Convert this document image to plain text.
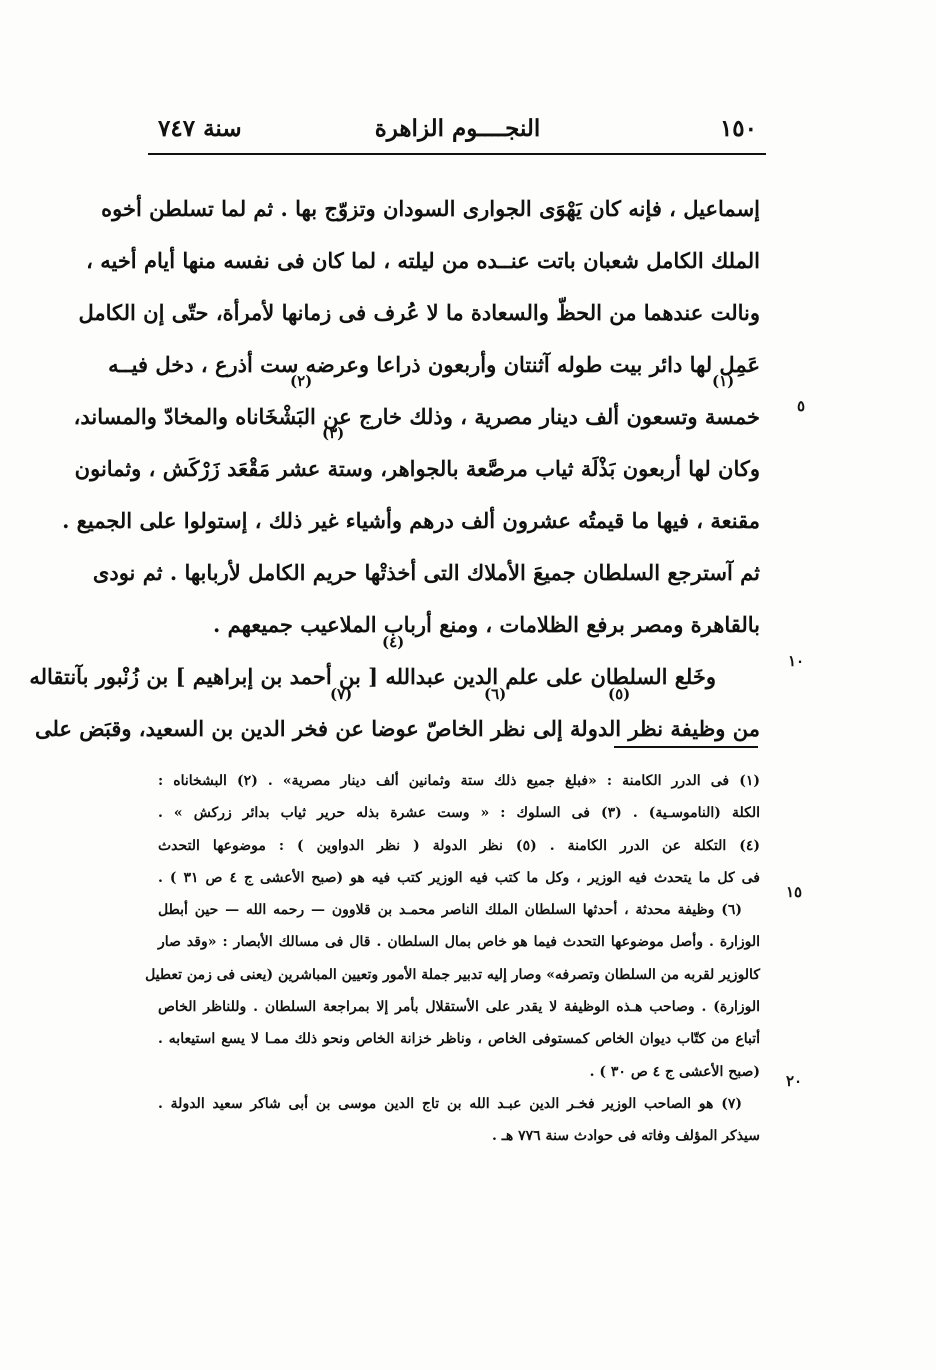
١٥٠
النجــــوم الزاهرة
سنة ٧٤٧
إسماعيل ، فإنه كان يَهْوَى الجوارى السودان وتزوّج بها . ثم لما تسلطن أخوه
الملك الكامل شعبان باتت عنــده من ليلته ، لما كان فى نفسه منها أيام أخيه ،
ونالت عندهما من الحظّ والسعادة ما لا عُرف فى زمانها لأمرأة، حتّى إن الكامل
عَمِل لها دائر بيت طوله آثنتان وأربعون ذراعا وعرضه ست أذرع ، دخل فيــه
خمسة وتسعون ألف دينار مصرية ، وذلك خارج عن البَشْخَاناه والمخادّ والمساند،
وكان لها أربعون بَذْلَة ثياب مرصَّعة بالجواهر، وستة عشر مَقْعَد زَرْكَش ، وثمانون
مقنعة ، فيها ما قيمتُه عشرون ألف درهم وأشياء غير ذلك ، إستولوا على الجميع .
ثم آسترجع السلطان جميعَ الأملاك التى أخذتْها حريم الكامل لأربابها . ثم نودى
بالقاهرة ومصر برفع الظلامات ، ومنع أرباب الملاعيب جميعهم .
وخَلع السلطان على علم الدين عبدالله [ بن أحمد بن إبراهيم ] بن زُنْبور بآنتقاله
من وظيفة نظر الدولة إلى نظر الخاصّ عوضا عن فخر الدين بن السعيد، وقبَض على
(١)
(٢)
(٣)
(٤)
(٥)
(٦)
(٧)
٥
١٠
١٥
٢٠
(١) فى الدرر الكامنة : «فبلغ جميع ذلك ستة وثمانين ألف دينار مصرية» . (٢) البشخاناه :
الكلة (الناموسـية) . (٣) فى السلوك : « وست عشرة بذله حرير ثياب بدائر زركش » .
(٤) التكلة عن الدرر الكامنة . (٥) نظر الدولة ( نظر الدواوين ) : موضوعها التحدث
فى كل ما يتحدث فيه الوزير ، وكل ما كتب فيه الوزير كتب فيه هو (صبح الأعشى ج ٤ ص ٣١ ) .
(٦) وظيفة محدثة ، أحدثها السلطان الملك الناصر محمـد بن قلاوون — رحمه الله — حين أبطل
الوزارة . وأصل موضوعها التحدث فيما هو خاص بمال السلطان . قال فى مسالك الأبصار : «وقد صار
كالوزير لقربه من السلطان وتصرفه» وصار إليه تدبير جملة الأمور وتعيين المباشرين (يعنى فى زمن تعطيل
الوزارة) . وصاحب هـذه الوظيفة لا يقدر على الأستقلال بأمر إلا بمراجعة السلطان . وللناظر الخاص
أتباع من كتّاب ديوان الخاص كمستوفى الخاص ، وناظر خزانة الخاص ونحو ذلك ممـا لا يسع استيعابه .
(صبح الأعشى ج ٤ ص ٣٠ ) .
(٧) هو الصاحب الوزير فخـر الدين عبـد الله بن تاج الدين موسى بن أبى شاكر سعيد الدولة .
سيذكر المؤلف وفاته فى حوادث سنة ٧٧٦ هـ .
